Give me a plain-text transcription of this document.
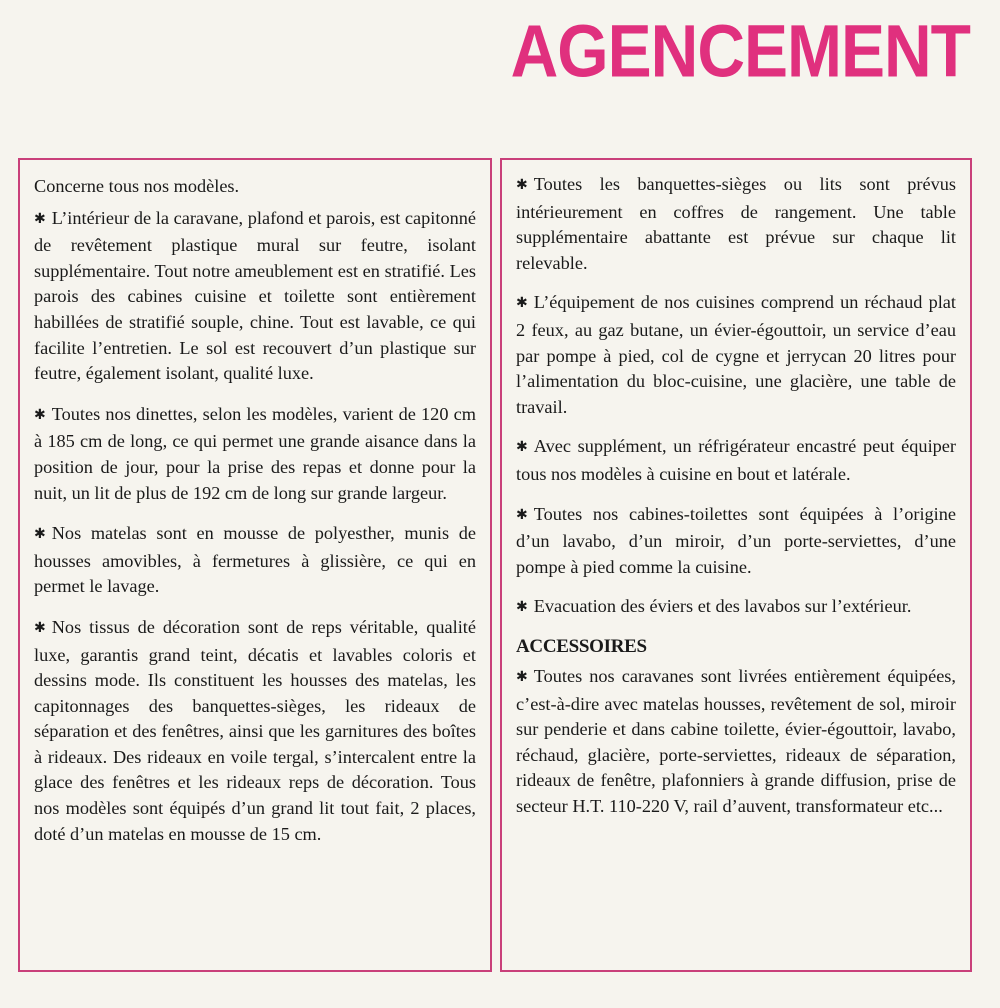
AGENCEMENT

Concerne tous nos modèles.

✱ L’intérieur de la caravane, plafond et parois, est capitonné de revêtement plastique mural sur feutre, isolant supplémentaire. Tout notre ameublement est en stratifié. Les parois des cabines cuisine et toilette sont entièrement habillées de stratifié souple, chine. Tout est lavable, ce qui facilite l’entretien. Le sol est recouvert d’un plastique sur feutre, également isolant, qualité luxe.

✱ Toutes nos dinettes, selon les modèles, varient de 120 cm à 185 cm de long, ce qui permet une grande aisance dans la position de jour, pour la prise des repas et donne pour la nuit, un lit de plus de 192 cm de long sur grande largeur.

✱ Nos matelas sont en mousse de polyesther, munis de housses amovibles, à fermetures à glissière, ce qui en permet le lavage.

✱ Nos tissus de décoration sont de reps véritable, qualité luxe, garantis grand teint, décatis et lavables coloris et dessins mode. Ils constituent les housses des matelas, les capitonnages des banquettes-sièges, les rideaux de séparation et des fenêtres, ainsi que les garnitures des boîtes à rideaux. Des rideaux en voile tergal, s’intercalent entre la glace des fenêtres et les rideaux reps de décoration. Tous nos modèles sont équipés d’un grand lit tout fait, 2 places, doté d’un matelas en mousse de 15 cm.

✱ Toutes les banquettes-sièges ou lits sont prévus intérieurement en coffres de rangement. Une table supplémentaire abattante est prévue sur chaque lit relevable.

✱ L’équipement de nos cuisines comprend un réchaud plat 2 feux, au gaz butane, un évier-égouttoir, un service d’eau par pompe à pied, col de cygne et jerrycan 20 litres pour l’alimentation du bloc-cuisine, une glacière, une table de travail.

✱ Avec supplément, un réfrigérateur encastré peut équiper tous nos modèles à cuisine en bout et latérale.

✱ Toutes nos cabines-toilettes sont équipées à l’origine d’un lavabo, d’un miroir, d’un porte-serviettes, d’une pompe à pied comme la cuisine.

✱ Evacuation des éviers et des lavabos sur l’extérieur.

ACCESSOIRES

✱ Toutes nos caravanes sont livrées entièrement équipées, c’est-à-dire avec matelas housses, revêtement de sol, miroir sur penderie et dans cabine toilette, évier-égouttoir, lavabo, réchaud, glacière, porte-serviettes, rideaux de séparation, rideaux de fenêtre, plafonniers à grande diffusion, prise de secteur H.T. 110-220 V, rail d’auvent, transformateur etc...
